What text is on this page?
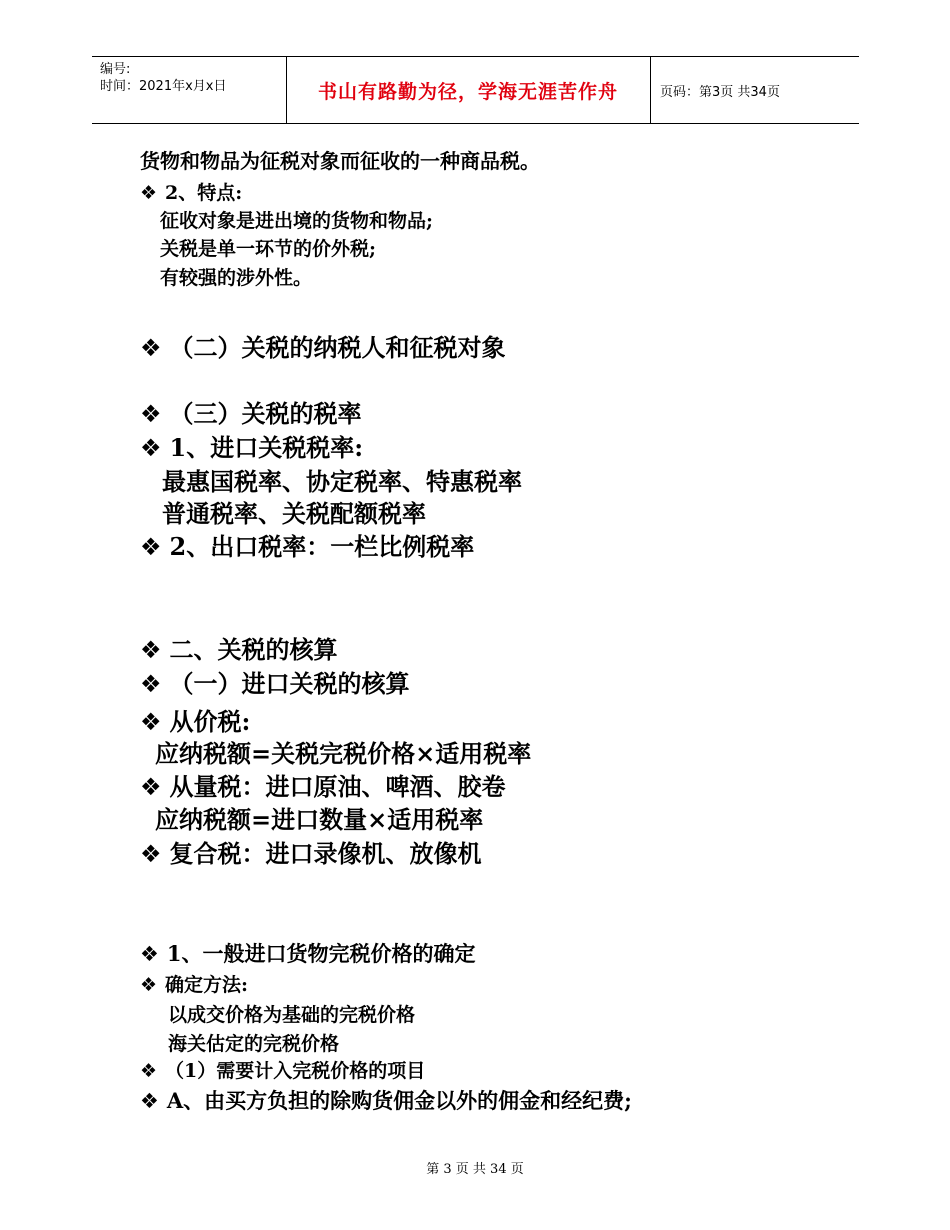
编号:
时间：2021年x月x日	书山有路勤为径，学海无涯苦作舟	页码：第3页 共34页
货物和物品为征税对象而征收的一种商品税。
❖ 2、特点:
征收对象是进出境的货物和物品;
关税是单一环节的价外税;
有较强的涉外性。
❖ （二）关税的纳税人和征税对象
❖ （三）关税的税率
❖ 1、进口关税税率:
最惠国税率、协定税率、特惠税率
普通税率、关税配额税率
❖ 2、出口税率：一栏比例税率
❖ 二、关税的核算
❖ （一）进口关税的核算
❖ 从价税:
应纳税额=关税完税价格×适用税率
❖ 从量税：进口原油、啤酒、胶卷
应纳税额=进口数量×适用税率
❖ 复合税：进口录像机、放像机
❖ 1、一般进口货物完税价格的确定
❖ 确定方法:
以成交价格为基础的完税价格
海关估定的完税价格
❖ （1）需要计入完税价格的项目
❖ A、由买方负担的除购货佣金以外的佣金和经纪费;
第 3 页 共 34 页
